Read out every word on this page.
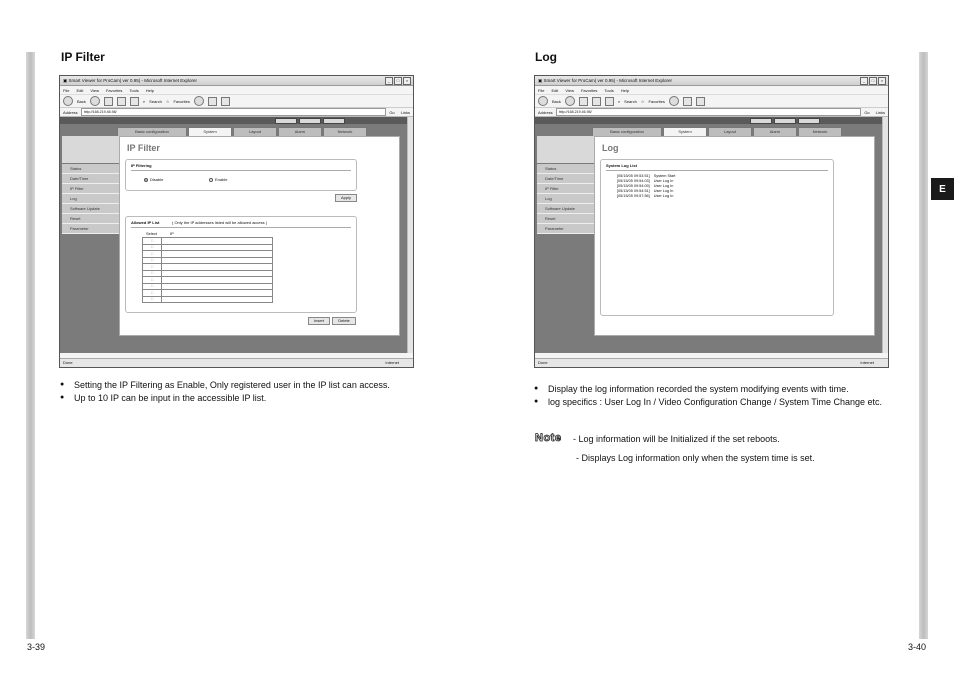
E
3-39	3-40
IP Filter	Log
▣ Smart Viewer for ProCam( ver 0.95) - Microsoft Internet Explorer	_	□	×
File Edit View Favorites Tools Help
Back	⌕ Search ☆ Favorites
Address	http://168.219.46.98/	Go Links
Basic configuration	System	Layout	Alarm	Network
Status
Date/Time
IP Filter
Log
Software Update
Reset
Parameter
IP Filter
IP Filtering
Disable	Enable
Apply
Allowed IP List	( Only the IP addresses listed will be allowed access )
Select	IP
□	
□	
□	
□	
□	
□	
□	
□	
□	
□	
Insert	Delete
Done	Internet
▣ Smart Viewer for ProCam( ver 0.95) - Microsoft Internet Explorer	_	□	×
File Edit View Favorites Tools Help
Back	⌕ Search ☆ Favorites
Address	http://168.219.46.98/	Go Links
Basic configuration	System	Layout	Alarm	Network
Status
Date/Time
IP Filter
Log
Software Update
Reset
Parameter
Log
System Log List
[05/15/05 09:53:51] System Start
[05/15/05 09:54:03] User Log In
[05/15/05 09:54:09] User Log In
[05/15/05 09:54:51] User Log In
[05/15/05 09:57:56] User Log In
Done	Internet
● Setting the IP Filtering as Enable, Only registered user in the IP list can access.
● Up to 10 IP can be input in the accessible IP list.
● Display the log information recorded the system modifying events with time.
● log specifics : User Log In / Video Configuration Change / System Time Change etc.
Note - Log information will be Initialized if the set reboots.
- Displays Log information only when the system time is set.
